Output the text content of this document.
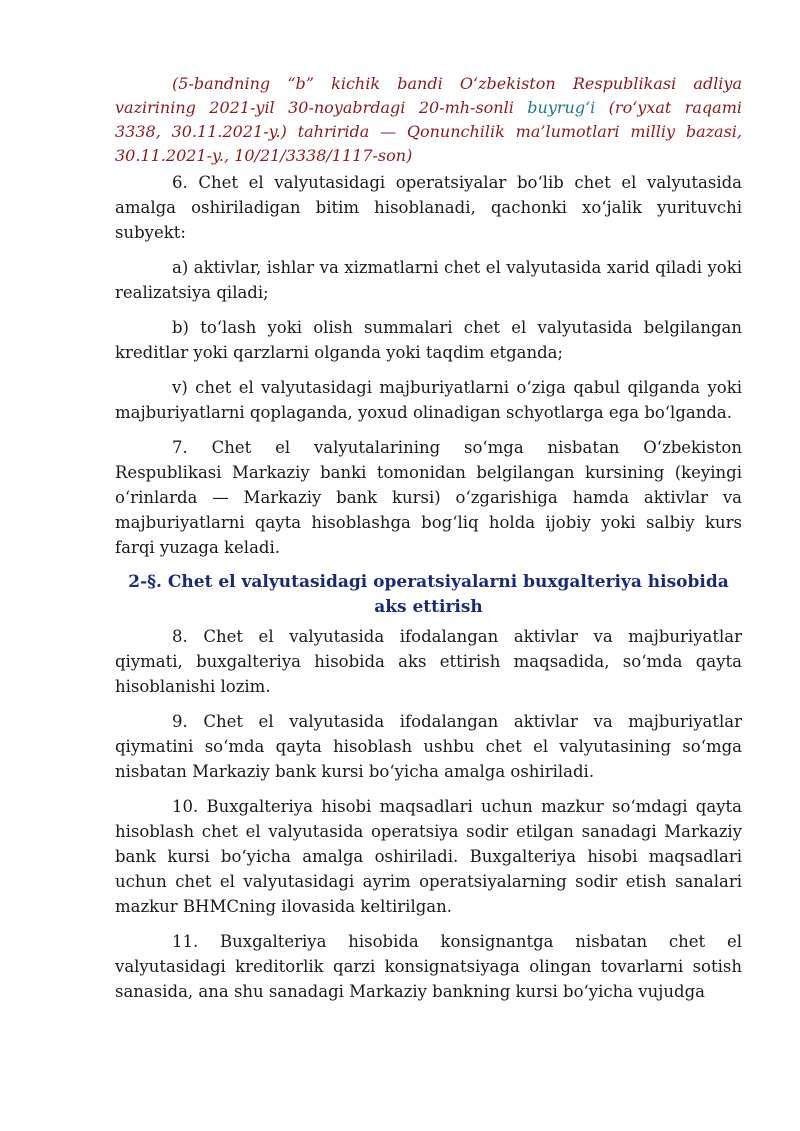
(5-bandning “b” kichik bandi O‘zbekiston Respublikasi adliya vazirining 2021-yil 30-noyabrdagi 20-mh-sonli buyrug‘i (ro‘yxat raqami 3338, 30.11.2021-y.) tahririda — Qonunchilik ma’lumotlari milliy bazasi, 30.11.2021-y., 10/21/3338/1117-son)

6. Chet el valyutasidagi operatsiyalar bo‘lib chet el valyutasida amalga oshiriladigan bitim hisoblanadi, qachonki xo‘jalik yurituvchi subyekt:

a) aktivlar, ishlar va xizmatlarni chet el valyutasida xarid qiladi yoki realizatsiya qiladi;

b) to‘lash yoki olish summalari chet el valyutasida belgilangan kreditlar yoki qarzlarni olganda yoki taqdim etganda;

v) chet el valyutasidagi majburiyatlarni o‘ziga qabul qilganda yoki majburiyatlarni qoplaganda, yoxud olinadigan schyotlarga ega bo‘lganda.

7. Chet el valyutalarining so‘mga nisbatan O‘zbekiston Respublikasi Markaziy banki tomonidan belgilangan kursining (keyingi o‘rinlarda — Markaziy bank kursi) o‘zgarishiga hamda aktivlar va majburiyatlarni qayta hisoblashga bog‘liq holda ijobiy yoki salbiy kurs farqi yuzaga keladi.

2-§. Chet el valyutasidagi operatsiyalarni buxgalteriya hisobida aks ettirish

8. Chet el valyutasida ifodalangan aktivlar va majburiyatlar qiymati, buxgalteriya hisobida aks ettirish maqsadida, so‘mda qayta hisoblanishi lozim.

9. Chet el valyutasida ifodalangan aktivlar va majburiyatlar qiymatini so‘mda qayta hisoblash ushbu chet el valyutasining so‘mga nisbatan Markaziy bank kursi bo‘yicha amalga oshiriladi.

10. Buxgalteriya hisobi maqsadlari uchun mazkur so‘mdagi qayta hisoblash chet el valyutasida operatsiya sodir etilgan sanadagi Markaziy bank kursi bo‘yicha amalga oshiriladi. Buxgalteriya hisobi maqsadlari uchun chet el valyutasidagi ayrim operatsiyalarning sodir etish sanalari mazkur BHMCning ilovasida keltirilgan.

11. Buxgalteriya hisobida konsignantga nisbatan chet el valyutasidagi kreditorlik qarzi konsignatsiyaga olingan tovarlarni sotish sanasida, ana shu sanadagi Markaziy bankning kursi bo‘yicha vujudga
